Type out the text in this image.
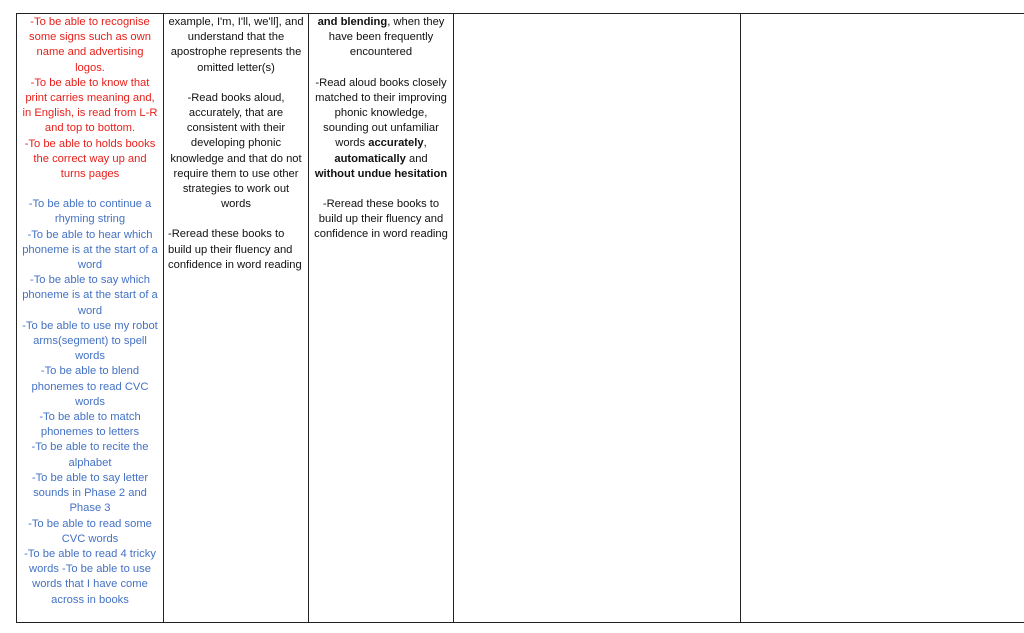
-To be able to recognise some signs such as own name and advertising logos.
-To be able to know that print carries meaning and, in English, is read from L-R and top to bottom.
-To be able to holds books the correct way up and turns pages
-To be able to continue a rhyming string
-To be able to hear which phoneme is at the start of a word
-To be able to say which phoneme is at the start of a word
-To be able to use my robot arms(segment) to spell words
-To be able to blend phonemes to read CVC words
-To be able to match phonemes to letters
-To be able to recite the alphabet
-To be able to say letter sounds in Phase 2 and Phase 3
-To be able to read some CVC words
-To be able to read 4 tricky words -To be able to use words that I have come across in books

example, I'm, I'll, we'll], and understand that the apostrophe represents the omitted letter(s)
-Read books aloud, accurately, that are consistent with their developing phonic knowledge and that do not require them to use other strategies to work out words
-Reread these books to build up their fluency and confidence in word reading

and blending, when they have been frequently encountered
-Read aloud books closely matched to their improving phonic knowledge, sounding out unfamiliar words accurately, automatically and without undue hesitation
-Reread these books to build up their fluency and confidence in word reading
